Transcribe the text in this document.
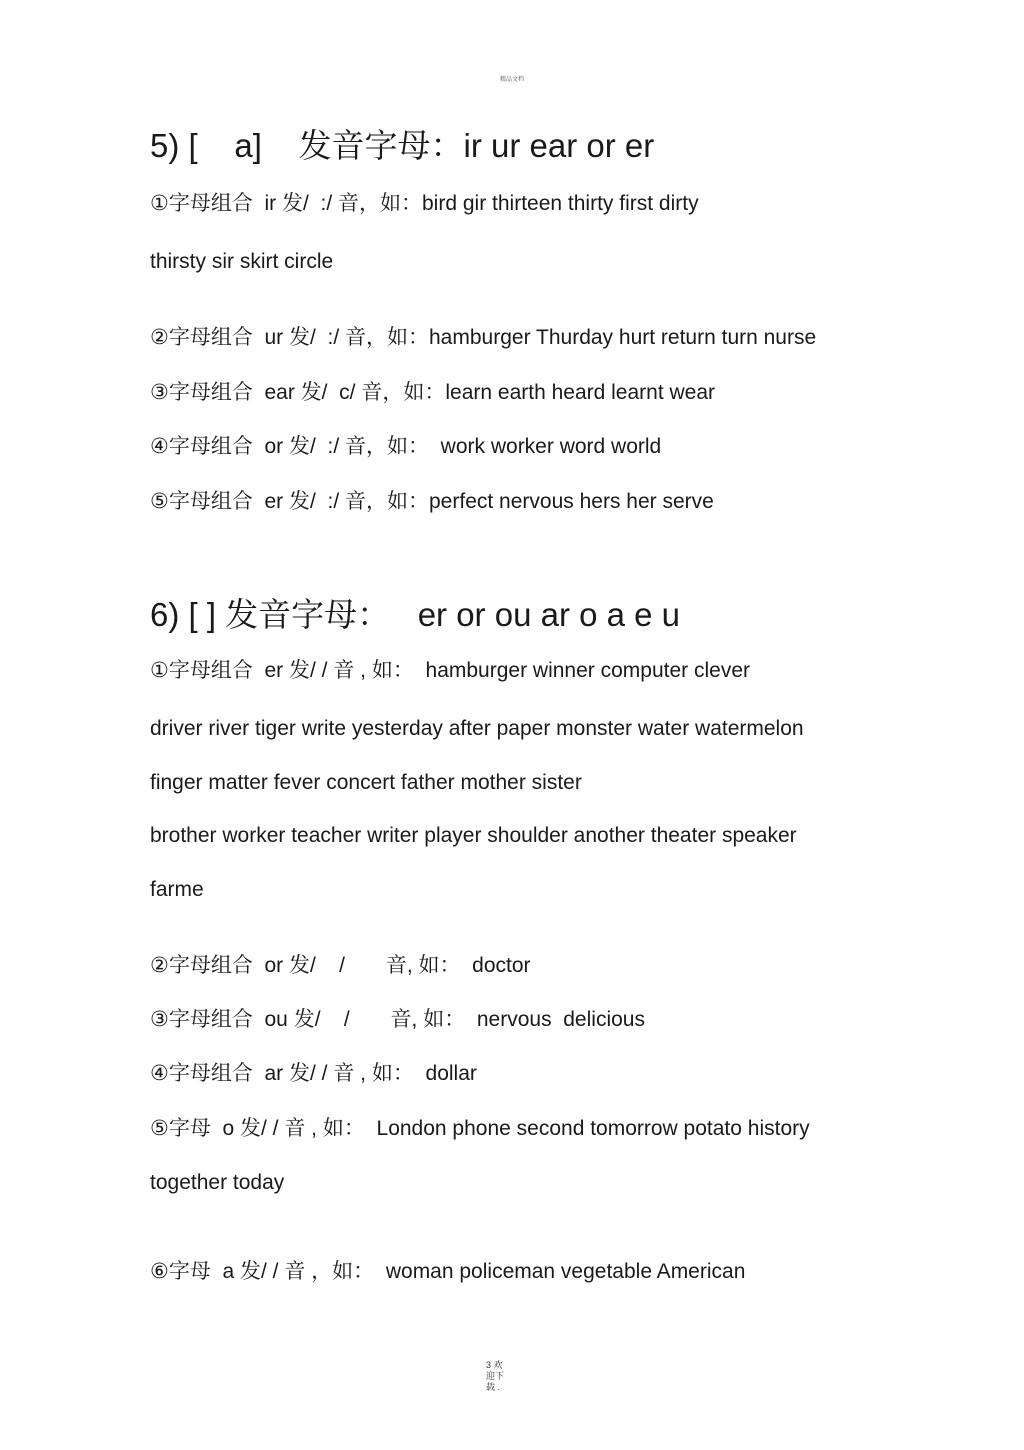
精品文档
5) [    a]    发音字母：ir ur ear or er
①字母组合  ir 发/  :/ 音，如：bird gir thirteen thirty first dirty
thirsty sir skirt circle
②字母组合  ur 发/  :/ 音，如：hamburger Thurday hurt return turn nurse
③字母组合  ear 发/  c/ 音，如：learn earth heard learnt wear
④字母组合  or 发/  :/ 音，如：  work worker word world
⑤字母组合  er 发/  :/ 音，如：perfect nervous hers her serve
6) [ ] 发音字母：   er or ou ar o a e u
①字母组合  er 发/ / 音 , 如：  hamburger winner computer clever
driver river tiger write yesterday after paper monster water watermelon
finger matter fever concert father mother sister
brother worker teacher writer player shoulder another theater speaker
farme
②字母组合  or 发/    /       音, 如：  doctor
③字母组合  ou 发/    /       音, 如：  nervous  delicious
④字母组合  ar 发/ / 音 , 如：  dollar
⑤字母  o 发/ / 音 , 如：  London phone second tomorrow potato history
together today
⑥字母  a 发/ / 音 ，如：  woman policeman vegetable American
3 欢
迎下
载 .
